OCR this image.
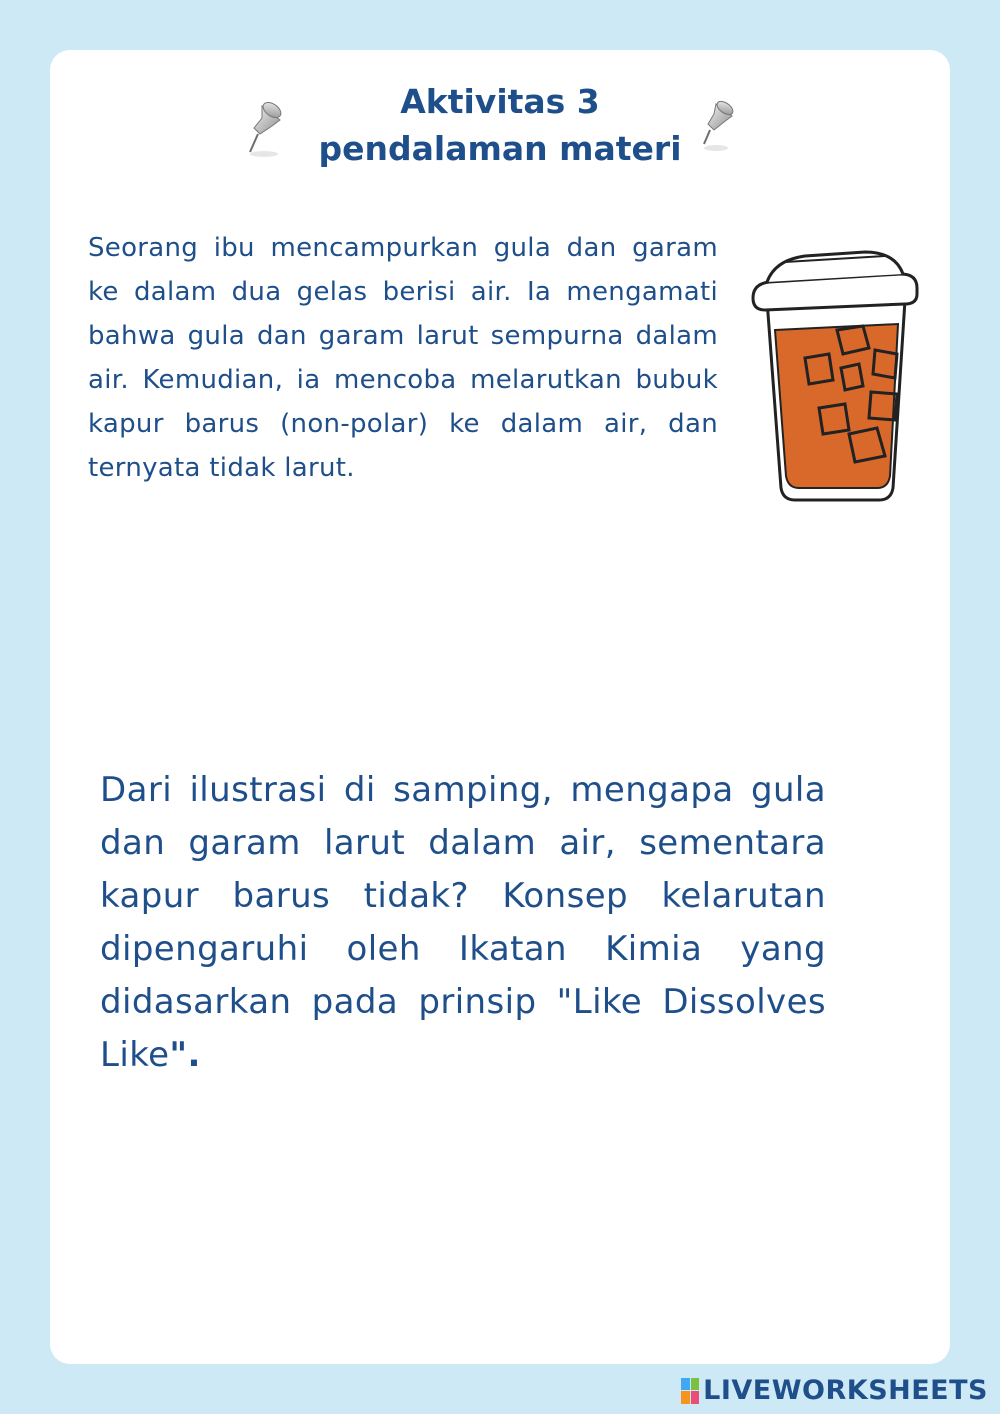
Aktivitas 3
pendalaman materi
Seorang ibu mencampurkan gula dan garam ke dalam dua gelas berisi air. Ia mengamati bahwa gula dan garam larut sempurna dalam air. Kemudian, ia mencoba melarutkan bubuk kapur barus (non-polar) ke dalam air, dan ternyata tidak larut.
Dari ilustrasi di samping, mengapa gula dan garam larut dalam air, sementara kapur barus tidak? Konsep kelarutan dipengaruhi oleh Ikatan Kimia yang didasarkan pada prinsip "Like Dissolves Like".
LIVEWORKSHEETS
